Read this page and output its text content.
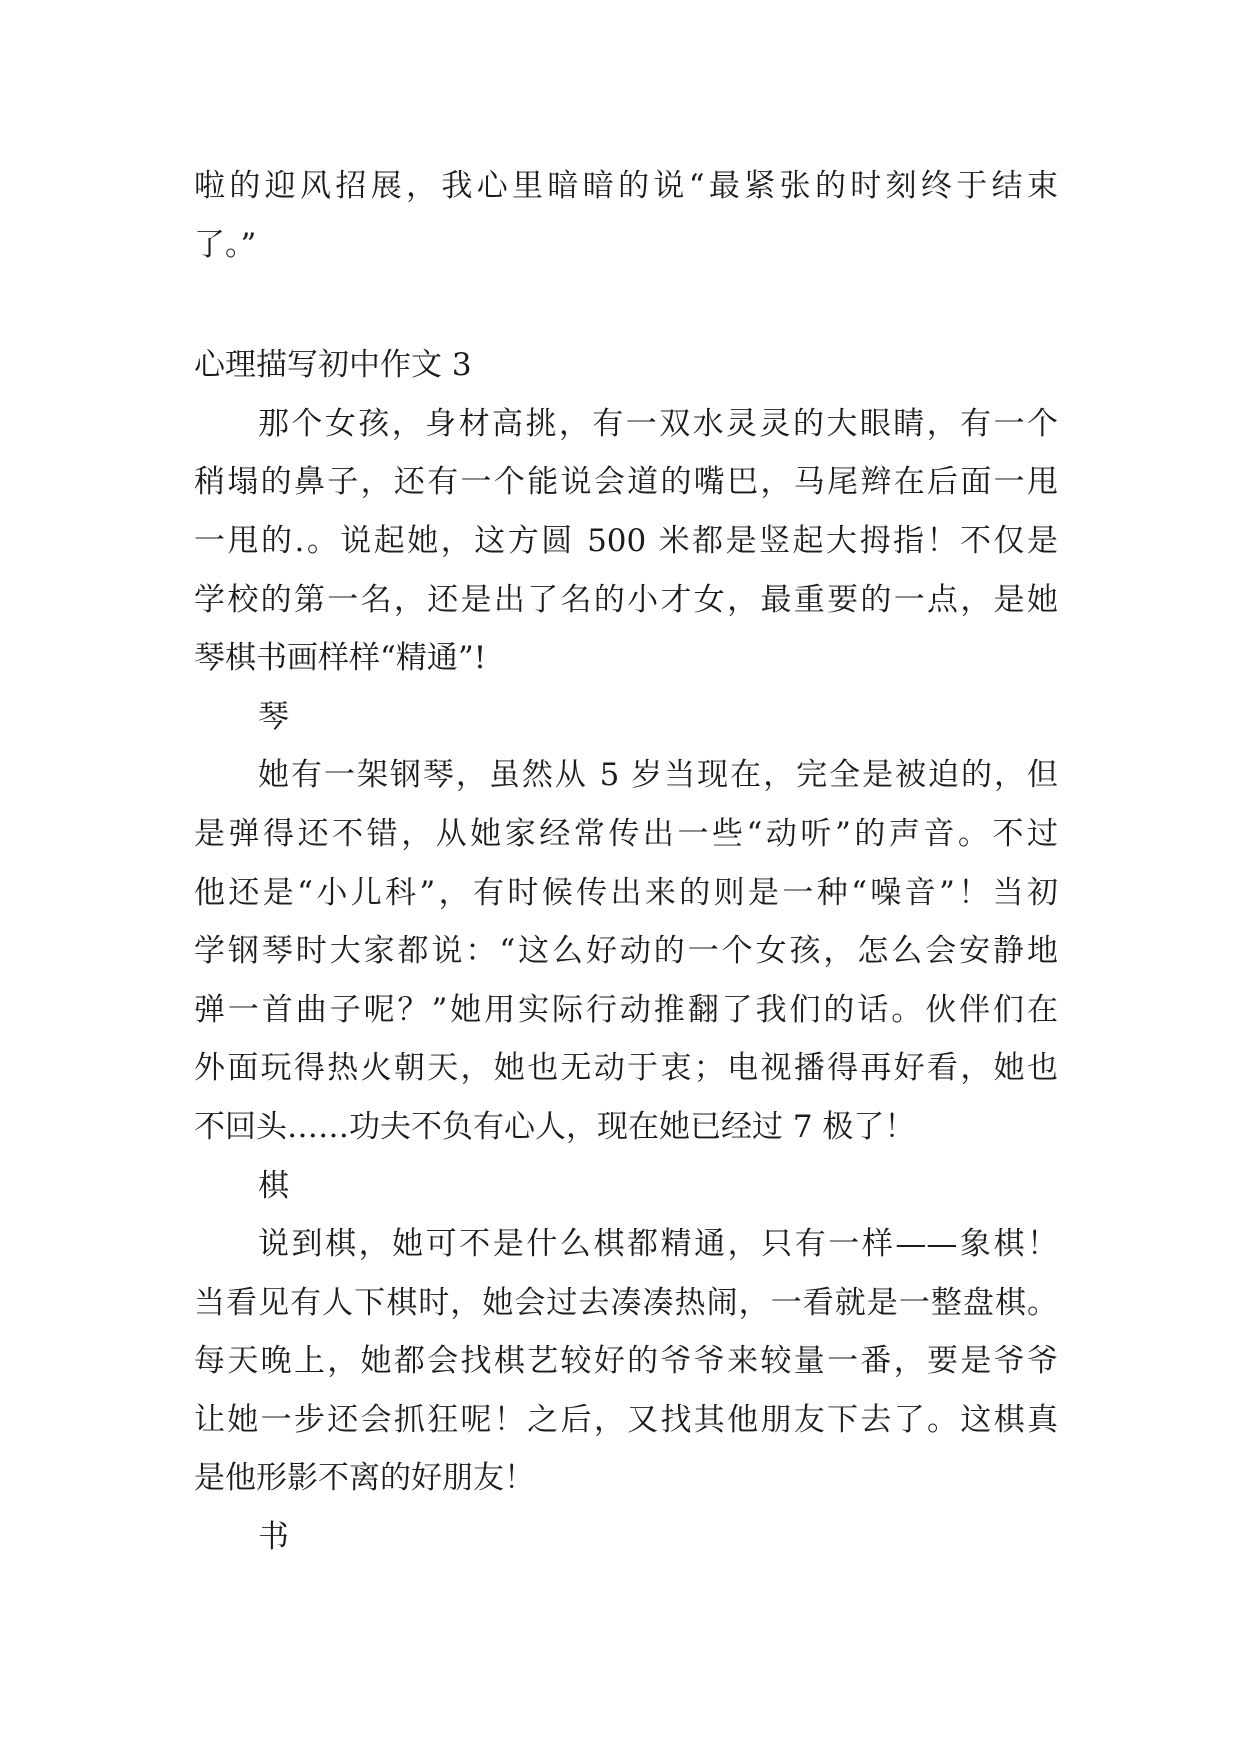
啦的迎风招展，我心里暗暗的说“最紧张的时刻终于结束
了。”
心理描写初中作文 3
那个女孩，身材高挑，有一双水灵灵的大眼睛，有一个
稍塌的鼻子，还有一个能说会道的嘴巴，马尾辫在后面一甩
一甩的.。说起她，这方圆 500 米都是竖起大拇指！不仅是
学校的第一名，还是出了名的小才女，最重要的一点，是她
琴棋书画样样“精通”!
琴
她有一架钢琴，虽然从 5 岁当现在，完全是被迫的，但
是弹得还不错，从她家经常传出一些“动听”的声音。不过
他还是“小儿科”，有时候传出来的则是一种“噪音”！当初
学钢琴时大家都说：“这么好动的一个女孩，怎么会安静地
弹一首曲子呢？”她用实际行动推翻了我们的话。伙伴们在
外面玩得热火朝天，她也无动于衷；电视播得再好看，她也
不回头……功夫不负有心人，现在她已经过 7 极了！
棋
说到棋，她可不是什么棋都精通，只有一样——象棋！
当看见有人下棋时，她会过去凑凑热闹，一看就是一整盘棋。
每天晚上，她都会找棋艺较好的爷爷来较量一番，要是爷爷
让她一步还会抓狂呢！之后，又找其他朋友下去了。这棋真
是他形影不离的好朋友！
书
